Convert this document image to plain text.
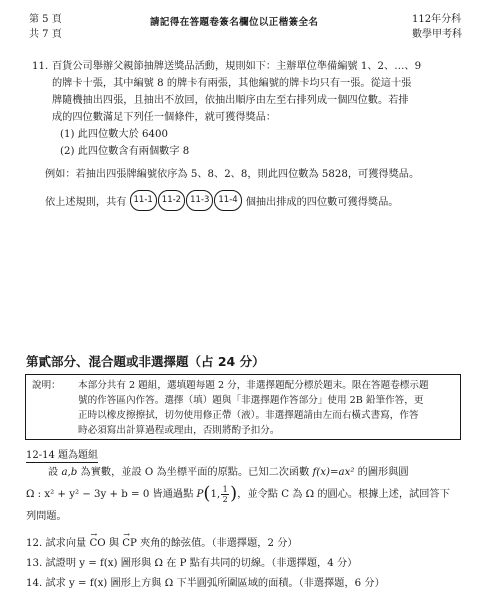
第 5 頁
共 7 頁
請記得在答題卷簽名欄位以正楷簽全名	112年分科
數學甲考科
11. 百貨公司舉辦父親節抽牌送獎品活動，規則如下：主辦單位準備編號 1、2、…、9
的牌卡十張，其中編號 8 的牌卡有兩張，其他編號的牌卡均只有一張。從這十張
牌隨機抽出四張，且抽出不放回，依抽出順序由左至右排列成一個四位數。若排
成的四位數滿足下列任一個條件，就可獲得獎品：
(1) 此四位數大於 6400
(2) 此四位數含有兩個數字 8
例如：若抽出四張牌編號依序為 5、8、2、8，則此四位數為 5828，可獲得獎品。
依上述規則，共有 11-1	11-2	11-3	11-4 個抽出排成的四位數可獲得獎品。
第貳部分、混合題或非選擇題（占 24 分）
說明： 本部分共有 2 題組，選填題每題 2 分，非選擇題配分標於題末。限在答題卷標示題
號的作答區內作答。選擇（填）題與「非選擇題作答部分」使用 2B 鉛筆作答，更
正時以橡皮擦擦拭，切勿使用修正帶（液）。非選擇題請由左而右橫式書寫，作答
時必須寫出計算過程或理由，否則將酌予扣分。
12-14 題為題組

設 a,b 為實數，並設 O 為坐標平面的原點。已知二次函數 f(x)=ax² 的圖形與圓

Ω : x² + y² − 3y + b = 0 皆通過點 P(1, $\frac{1}{2}$ )，並令點 C 為 Ω 的圓心。根據上述，試回答下

列問題。

12. 試求向量 → CO 與 → CP 夾角的餘弦值。（非選擇題，2 分）
13. 試證明 y = f(x) 圖形與 Ω 在 P 點有共同的切線。（非選擇題，4 分）
14. 試求 y = f(x) 圖形上方與 Ω 下半圓弧所圍區域的面積。（非選擇題，6 分）
